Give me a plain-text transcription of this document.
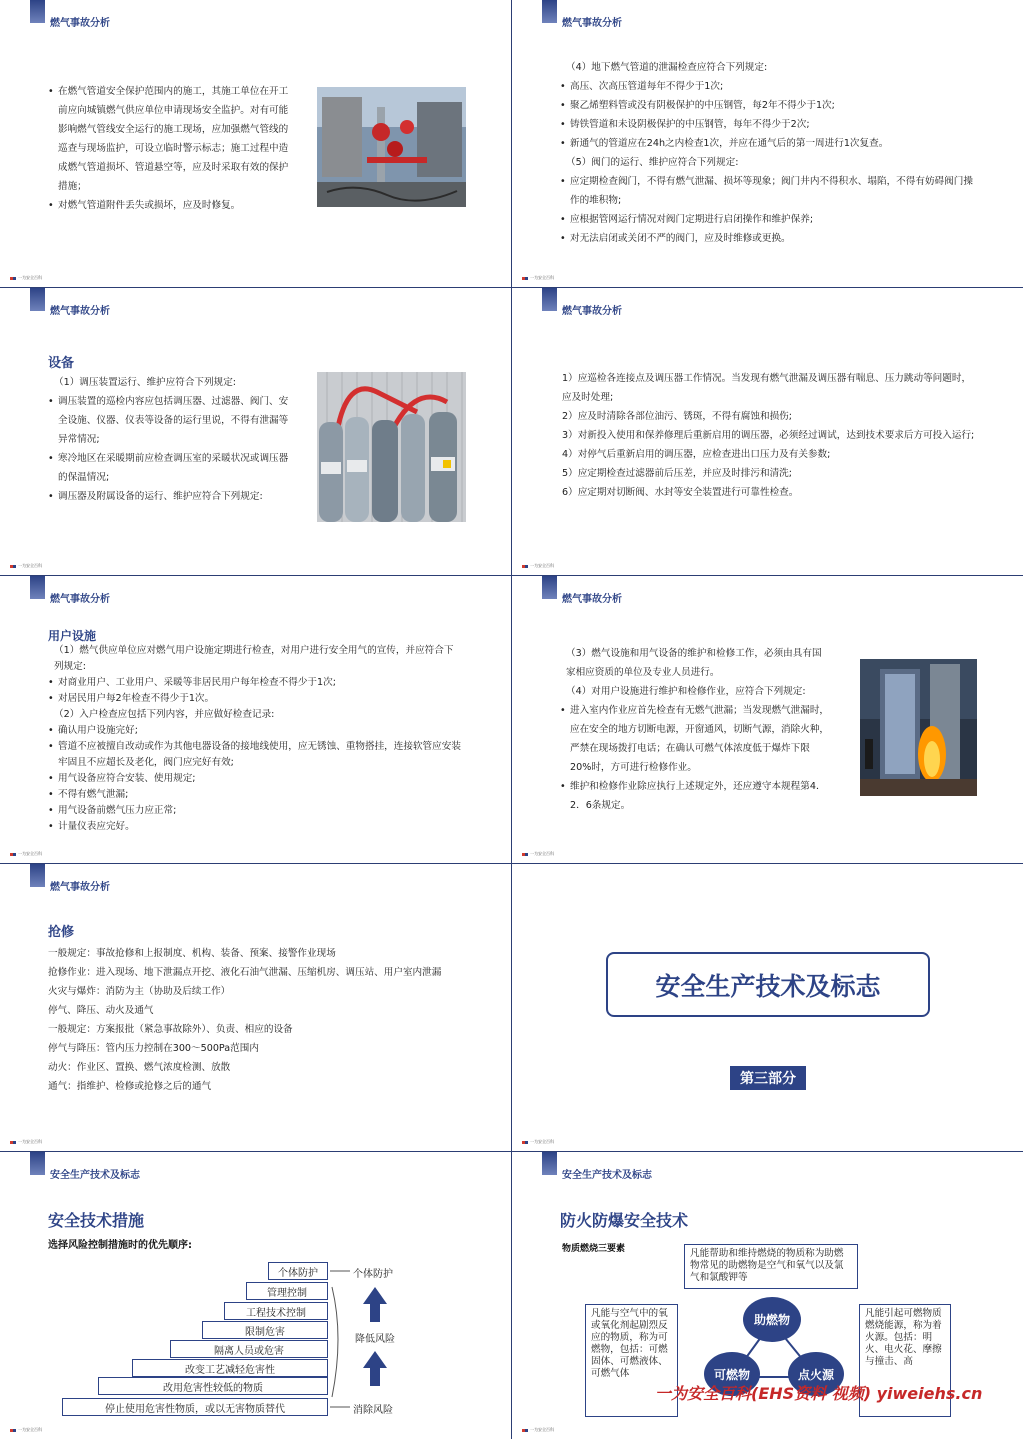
燃气事故分析
• 在燃气管道安全保护范围内的施工，其施工单位在开工前应向城镇燃气供应单位申请现场安全监护。对有可能影响燃气管线安全运行的施工现场，应加强燃气管线的巡查与现场监护，可设立临时警示标志；施工过程中造成燃气管道损坏、管道悬空等，应及时采取有效的保护措施；
• 对燃气管道附件丢失或损坏，应及时修复。
一为安全百科
燃气事故分析
（4）地下燃气管道的泄漏检查应符合下列规定:
• 高压、次高压管道每年不得少于1次;
• 聚乙烯塑料管或没有阴极保护的中压钢管，每2年不得少于1次;
• 铸铁管道和未设阴极保护的中压钢管，每年不得少于2次;
• 新通气的管道应在24h之内检查1次，并应在通气后的第一周进行1次复查。
（5）阀门的运行、维护应符合下列规定:
• 应定期检查阀门，不得有燃气泄漏、损坏等现象；阀门井内不得积水、塌陷，不得有妨碍阀门操作的堆积物;
• 应根据管网运行情况对阀门定期进行启闭操作和维护保养;
• 对无法启闭或关闭不严的阀门，应及时维修或更换。
一为安全百科
燃气事故分析
设备
（1）调压装置运行、维护应符合下列规定:
• 调压装置的巡检内容应包括调压器、过滤器、阀门、安全设施、仪器、仪表等设备的运行里说，不得有泄漏等异常情况;
• 寒冷地区在采暖期前应检查调压室的采暖状况或调压器的保温情况;
• 调压器及附属设备的运行、维护应符合下列规定:
一为安全百科
燃气事故分析
1）应巡检各连接点及调压器工作情况。当发现有燃气泄漏及调压器有喘息、压力跳动等问题时，应及时处理;
2）应及时清除各部位油污、锈斑，不得有腐蚀和损伤;
3）对新投入使用和保养修理后重新启用的调压器，必须经过调试，达到技术要求后方可投入运行;
4）对停气后重新启用的调压器，应检查进出口压力及有关参数;
5）应定期检查过滤器前后压差，并应及时排污和清洗;
6）应定期对切断阀、水封等安全装置进行可靠性检查。
一为安全百科
燃气事故分析
用户设施
（1）燃气供应单位应对燃气用户设施定期进行检查，对用户进行安全用气的宣传，并应符合下列规定:
• 对商业用户、工业用户、采暖等非居民用户每年检查不得少于1次;
• 对居民用户每2年检查不得少于1次。
（2）入户检查应包括下列内容，并应做好检查记录:
• 确认用户设施完好;
• 管道不应被擅自改动或作为其他电器设备的接地线使用，应无锈蚀、重物搭挂，连接软管应安装牢固且不应超长及老化，阀门应完好有效;
• 用气设备应符合安装、使用规定;
• 不得有燃气泄漏;
• 用气设备前燃气压力应正常;
• 计量仪表应完好。
一为安全百科
燃气事故分析
（3）燃气设施和用气设备的维护和检修工作，必须由具有国家相应资质的单位及专业人员进行。
（4）对用户设施进行维护和检修作业，应符合下列规定:
• 进入室内作业应首先检查有无燃气泄漏；当发现燃气泄漏时，应在安全的地方切断电源，开窗通风，切断气源，消除火种，严禁在现场拨打电话；在确认可燃气体浓度低于爆炸下限20%时，方可进行检修作业。
• 维护和检修作业除应执行上述规定外，还应遵守本规程第4．2．6条规定。
一为安全百科
燃气事故分析
抢修
一般规定：事故抢修和上报制度、机构、装备、预案、接警作业现场
抢修作业：进入现场、地下泄漏点开挖、液化石油气泄漏、压缩机房、调压站、用户室内泄漏
火灾与爆炸：消防为主（协助及后续工作）
停气、降压、动火及通气
一般规定：方案报批（紧急事故除外）、负责、相应的设备
停气与降压：管内压力控制在300～500Pa范围内
动火：作业区、置换、燃气浓度检测、放散
通气：指维护、检修或抢修之后的通气
一为安全百科
安全生产技术及标志
第三部分
一为安全百科
安全生产技术及标志
安全技术措施
选择风险控制措施时的优先顺序:
个体防护
管理控制
工程技术控制
限制危害
隔离人员或危害
改变工艺减轻危害性
改用危害性较低的物质
停止使用危害性物质，或以无害物质替代
个体防护
降低风险
消除风险
一为安全百科
安全生产技术及标志
防火防爆安全技术
物质燃烧三要素	凡能帮助和维持燃烧的物质称为助燃物常见的助燃物是空气和氧气以及氯气和氯酸钾等
凡能与空气中的氧或氧化剂起剧烈反应的物质，称为可燃物，包括：可燃固体、可燃液体、可燃气体
凡能引起可燃物质燃烧能源，称为着火源。包括：明火、电火花、摩擦与撞击、高
助燃物
可燃物	点火源
一为安全百科
一为安全百科(EHS资料 视频) yiweiehs.cn
